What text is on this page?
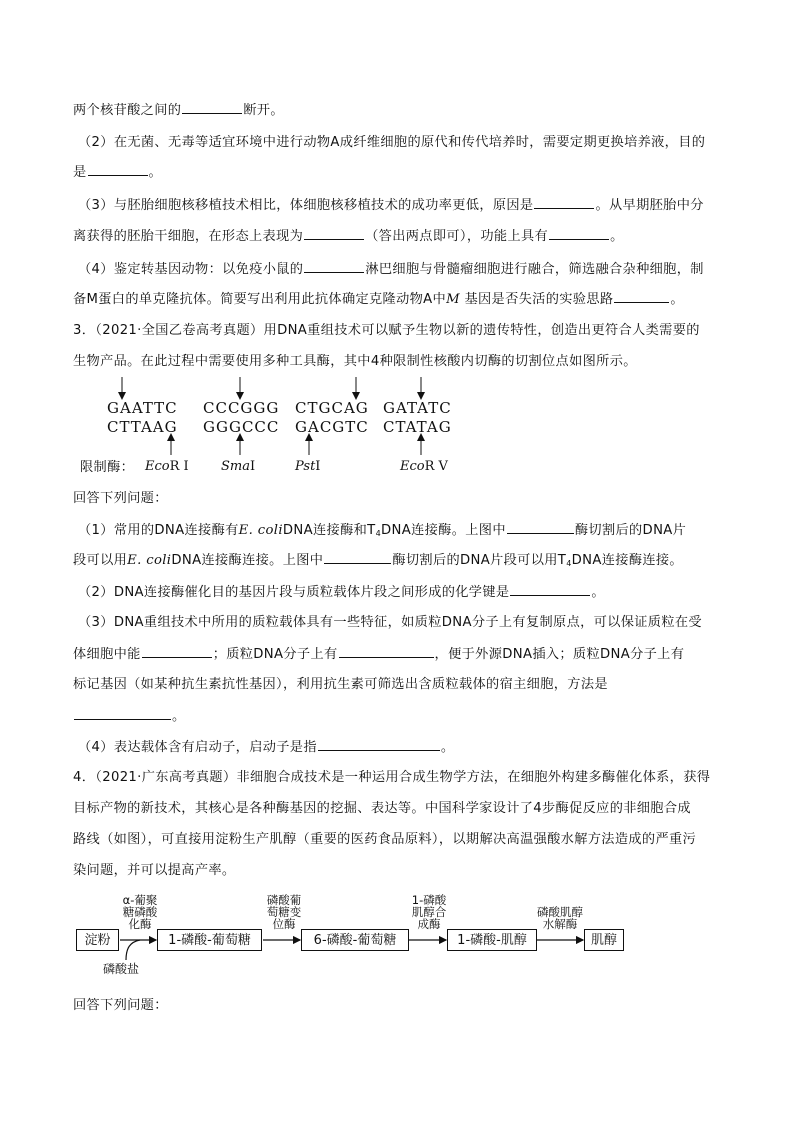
两个核苷酸之间的	断开。
（2）在无菌、无毒等适宜环境中进行动物A成纤维细胞的原代和传代培养时，需要定期更换培养液，目的
是	。
（3）与胚胎细胞核移植技术相比，体细胞核移植技术的成功率更低，原因是	。从早期胚胎中分
离获得的胚胎干细胞，在形态上表现为	（答出两点即可），功能上具有	。
（4）鉴定转基因动物：以免疫小鼠的	淋巴细胞与骨髓瘤细胞进行融合，筛选融合杂种细胞，制
备M蛋白的单克隆抗体。简要写出利用此抗体确定克隆动物A中M 基因是否失活的实验思路	。
3．（2021·全国乙卷高考真题）用DNA重组技术可以赋予生物以新的遗传特性，创造出更符合人类需要的
生物产品。在此过程中需要使用多种工具酶，其中4种限制性核酸内切酶的切割位点如图所示。
GAATTC CCCGGG CTGCAG GATATC
CTTAAG GGGCCC GACGTC CTATAG
限制酶： EcoR I SmaI	PstI	EcoR V
回答下列问题：
（1）常用的DNA连接酶有E. coliDNA连接酶和$T_4DNA$连接酶。上图中	酶切割后的DNA片
段可以用E. coliDNA连接酶连接。上图中	酶切割后的DNA片段可以用$T_4DNA$连接酶连接。
（2）DNA连接酶催化目的基因片段与质粒载体片段之间形成的化学键是	。
（3）DNA重组技术中所用的质粒载体具有一些特征，如质粒DNA分子上有复制原点，可以保证质粒在受
体细胞中能	；质粒DNA分子上有	，便于外源DNA插入；质粒DNA分子上有
标记基因（如某种抗生素抗性基因），利用抗生素可筛选出含质粒载体的宿主细胞，方法是
。
（4）表达载体含有启动子，启动子是指	。
4．（2021·广东高考真题）非细胞合成技术是一种运用合成生物学方法，在细胞外构建多酶催化体系，获得
目标产物的新技术，其核心是各种酶基因的挖掘、表达等。中国科学家设计了4步酶促反应的非细胞合成
路线（如图），可直接用淀粉生产肌醇（重要的医药食品原料），以期解决高温强酸水解方法造成的严重污
染问题，并可以提高产率。
淀粉	1-磷酸-葡萄糖	6-磷酸-葡萄糖	1-磷酸-肌醇	肌醇
α-葡聚
糖磷酸
化酶
磷酸葡
萄糖变
位酶
1-磷酸
肌醇合
成酶
磷酸肌醇
水解酶
磷酸盐
回答下列问题：
